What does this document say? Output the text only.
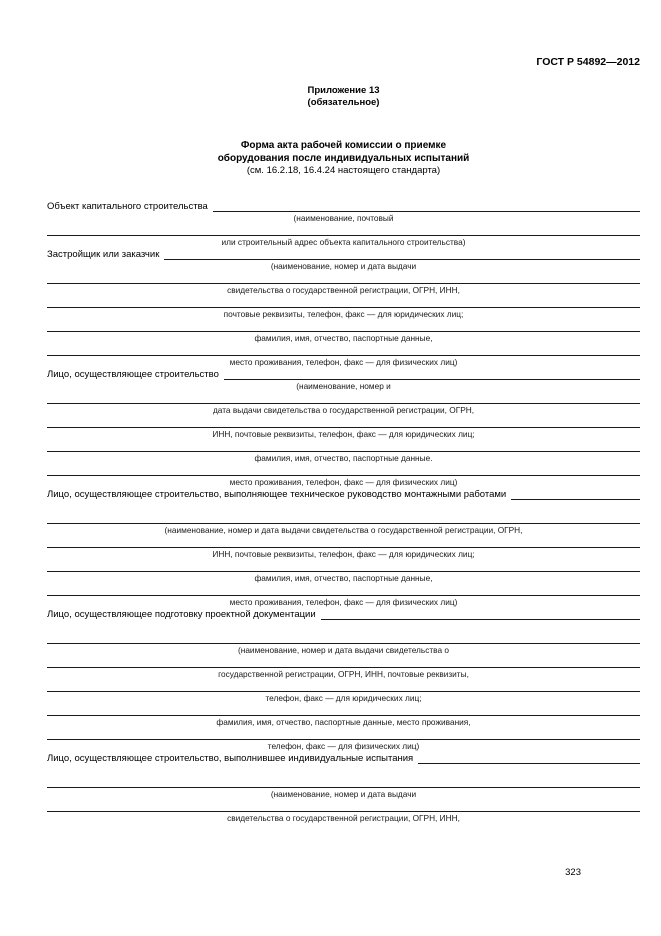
ГОСТ Р 54892—2012
Приложение 13
(обязательное)
Форма акта рабочей комиссии о приемке
оборудования после индивидуальных испытаний
(см. 16.2.18, 16.4.24 настоящего стандарта)
Объект капитального строительства
(наименование, почтовый
или строительный адрес объекта капитального строительства)
Застройщик или заказчик
(наименование, номер и дата выдачи
свидетельства о государственной регистрации, ОГРН, ИНН,
почтовые реквизиты, телефон, факс — для юридических лиц;
фамилия, имя, отчество, паспортные данные,
место проживания, телефон, факс — для физических лиц)
Лицо, осуществляющее строительство
(наименование, номер и
дата выдачи свидетельства о государственной регистрации, ОГРН,
ИНН, почтовые реквизиты, телефон, факс — для юридических лиц;
фамилия, имя, отчество, паспортные данные.
место проживания, телефон, факс — для физических лиц)
Лицо, осуществляющее строительство, выполняющее техническое руководство монтажными работами
(наименование, номер и дата выдачи свидетельства о государственной регистрации, ОГРН,
ИНН, почтовые реквизиты, телефон, факс — для юридических лиц;
фамилия, имя, отчество, паспортные данные,
место проживания, телефон, факс — для физических лиц)
Лицо, осуществляющее подготовку проектной документации
(наименование, номер и дата выдачи свидетельства о
государственной регистрации, ОГРН, ИНН, почтовые реквизиты,
телефон, факс — для юридических лиц;
фамилия, имя, отчество, паспортные данные, место проживания,
телефон, факс — для физических лиц)
Лицо, осуществляющее строительство, выполнившее индивидуальные испытания
(наименование, номер и дата выдачи
свидетельства о государственной регистрации, ОГРН, ИНН,
323
